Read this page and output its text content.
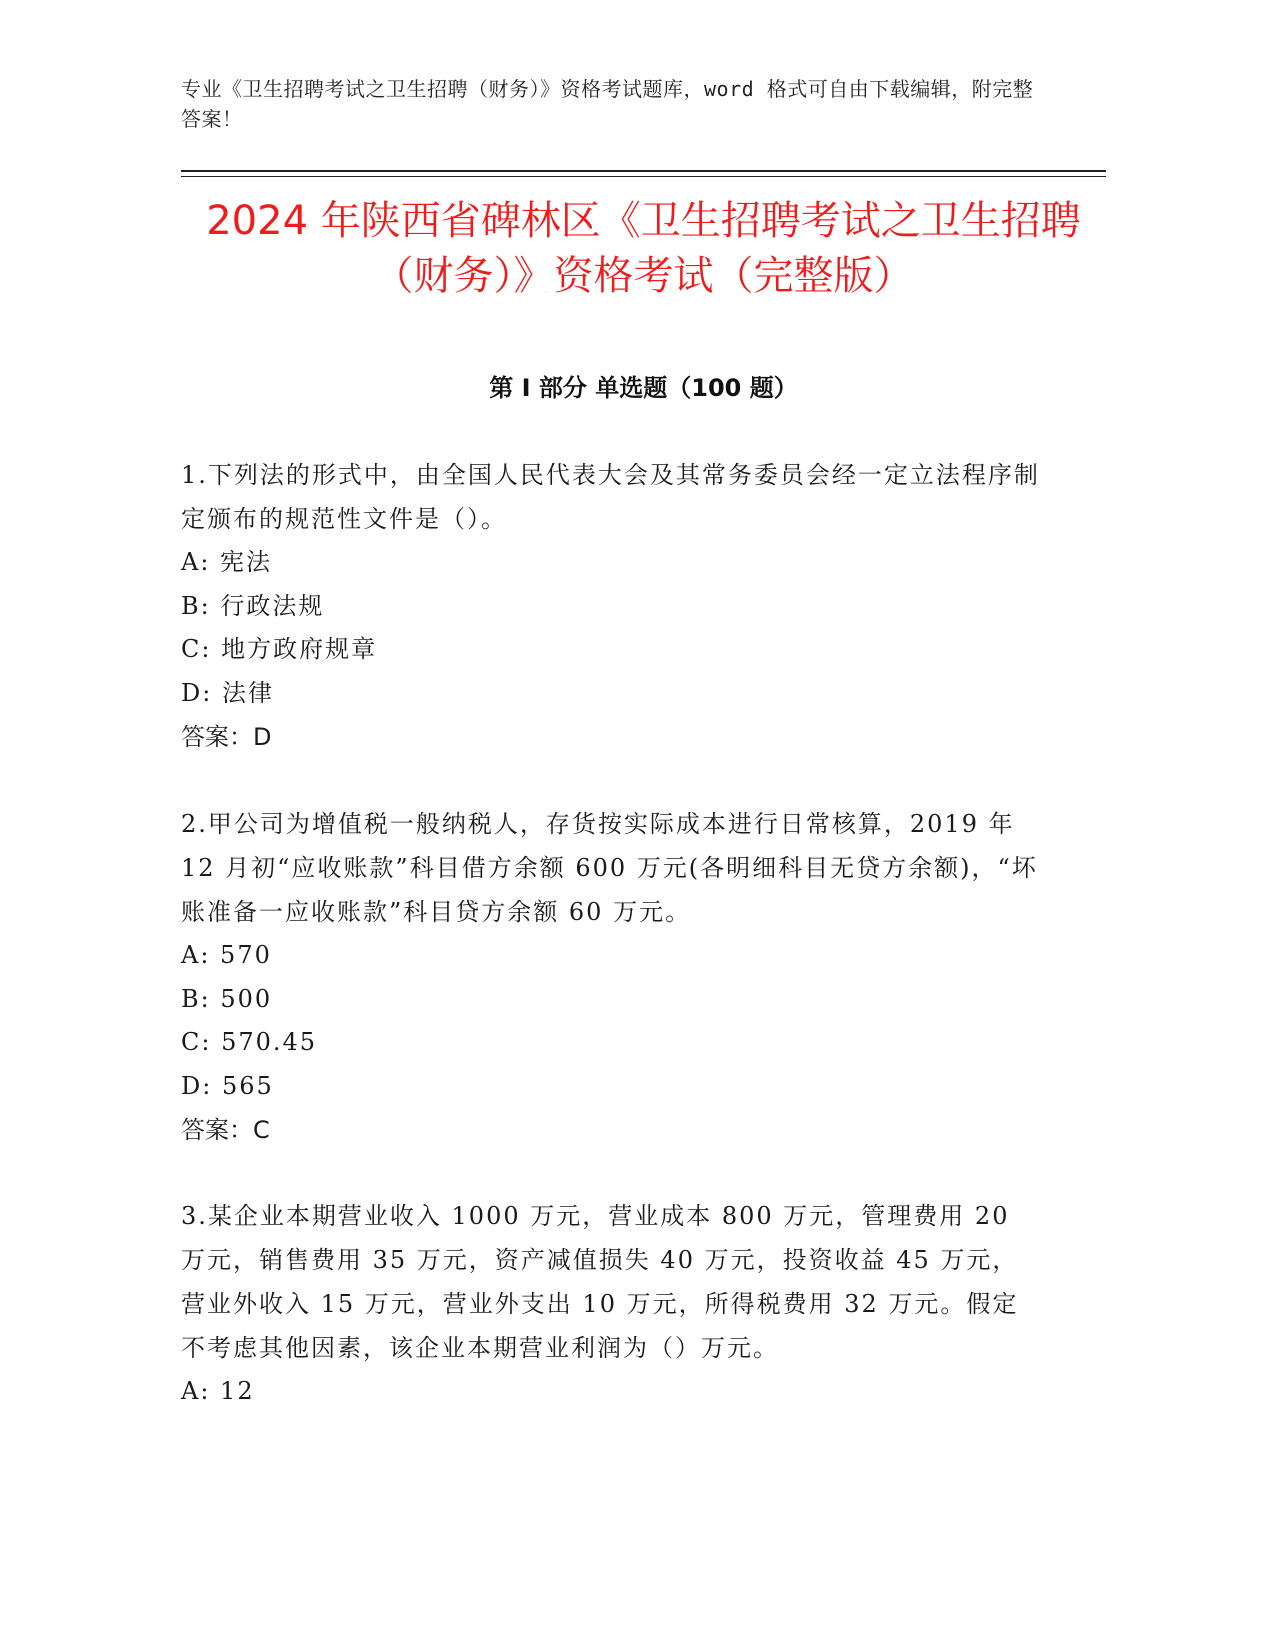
专业《卫生招聘考试之卫生招聘（财务）》资格考试题库，word 格式可自由下载编辑，附完整答案！
2024 年陕西省碑林区《卫生招聘考试之卫生招聘（财务）》资格考试（完整版）
第 I 部分 单选题（100 题）

1.下列法的形式中，由全国人民代表大会及其常务委员会经一定立法程序制定颁布的规范性文件是（）。

A: 宪法

B: 行政法规

C: 地方政府规章

D: 法律

答案：D

2.甲公司为增值税一般纳税人，存货按实际成本进行日常核算，2019 年 12 月初“应收账款”科目借方余额 600 万元(各明细科目无贷方余额)，“坏账准备一应收账款”科目贷方余额 60 万元。

A: 570

B: 500

C: 570.45

D: 565

答案：C

3.某企业本期营业收入 1000 万元，营业成本 800 万元，管理费用 20 万元，销售费用 35 万元，资产减值损失 40 万元，投资收益 45 万元，营业外收入 15 万元，营业外支出 10 万元，所得税费用 32 万元。假定不考虑其他因素，该企业本期营业利润为（）万元。

A: 12
